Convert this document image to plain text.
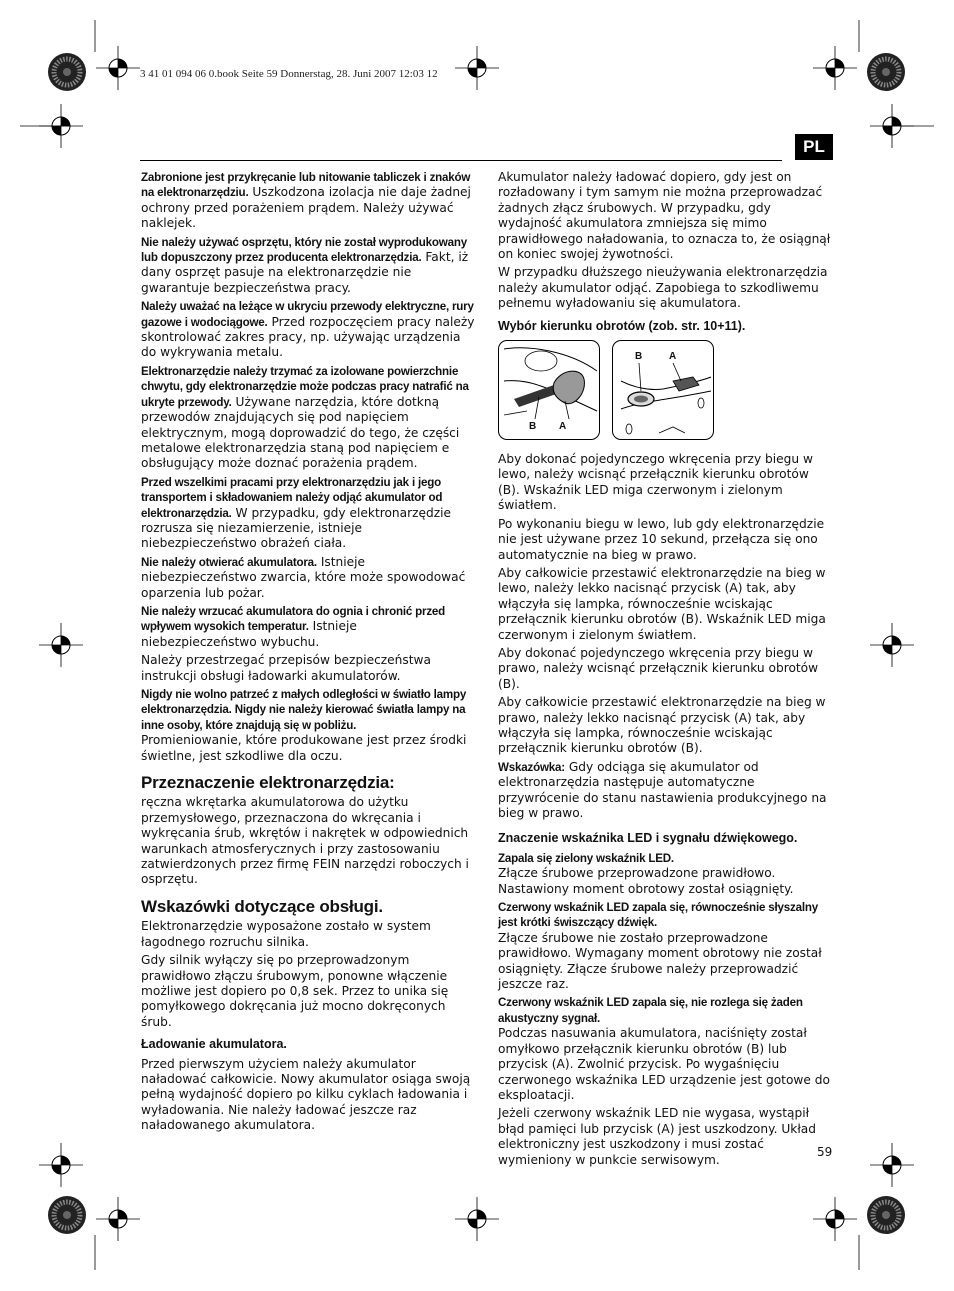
3 41 01 094 06 0.book Seite 59 Donnerstag, 28. Juni 2007 12:03 12
PL

Zabronione jest przykręcanie lub nitowanie tabliczek i znaków na elektronarzędziu. Uszkodzona izolacja nie daje żadnej ochrony przed porażeniem prądem. Należy używać naklejek.

Nie należy używać osprzętu, który nie został wyprodukowany lub dopuszczony przez producenta elektronarzędzia. Fakt, iż dany osprzęt pasuje na elektronarzędzie nie gwarantuje bezpieczeństwa pracy.

Należy uważać na leżące w ukryciu przewody elektryczne, rury gazowe i wodociągowe. Przed rozpoczęciem pracy należy skontrolować zakres pracy, np. używając urządzenia do wykrywania metalu.

Elektronarzędzie należy trzymać za izolowane powierzchnie chwytu, gdy elektronarzędzie może podczas pracy natrafić na ukryte przewody. Używane narzędzia, które dotkną przewodów znajdujących się pod napięciem elektrycznym, mogą doprowadzić do tego, że części metalowe elektronarzędzia staną pod napięciem e obsługujący może doznać porażenia prądem.

Przed wszelkimi pracami przy elektronarzędziu jak i jego transportem i składowaniem należy odjąć akumulator od elektronarzędzia. W przypadku, gdy elektronarzędzie rozrusza się niezamierzenie, istnieje niebezpieczeństwo obrażeń ciała.

Nie należy otwierać akumulatora. Istnieje niebezpieczeństwo zwarcia, które może spowodować oparzenia lub pożar.

Nie należy wrzucać akumulatora do ognia i chronić przed wpływem wysokich temperatur. Istnieje niebezpieczeństwo wybuchu.

Należy przestrzegać przepisów bezpieczeństwa instrukcji obsługi ładowarki akumulatorów.

Nigdy nie wolno patrzeć z małych odległości w światło lampy elektronarzędzia. Nigdy nie należy kierować światła lampy na inne osoby, które znajdują się w pobliżu.

Promieniowanie, które produkowane jest przez środki świetlne, jest szkodliwe dla oczu.

Przeznaczenie elektronarzędzia:

ręczna wkrętarka akumulatorowa do użytku przemysłowego, przeznaczona do wkręcania i wykręcania śrub, wkrętów i nakrętek w odpowiednich warunkach atmosferycznych i przy zastosowaniu zatwierdzonych przez firmę FEIN narzędzi roboczych i osprzętu.

Wskazówki dotyczące obsługi.

Elektronarzędzie wyposażone zostało w system łagodnego rozruchu silnika.

Gdy silnik wyłączy się po przeprowadzonym prawidłowo złączu śrubowym, ponowne włączenie możliwe jest dopiero po 0,8 sek. Przez to unika się pomyłkowego dokręcania już mocno dokręconych śrub.

Ładowanie akumulatora.

Przed pierwszym użyciem należy akumulator naładować całkowicie. Nowy akumulator osiąga swoją pełną wydajność dopiero po kilku cyklach ładowania i wyładowania. Nie należy ładować jeszcze raz naładowanego akumulatora.

Akumulator należy ładować dopiero, gdy jest on rozładowany i tym samym nie można przeprowadzać żadnych złącz śrubowych. W przypadku, gdy wydajność akumulatora zmniejsza się mimo prawidłowego naładowania, to oznacza to, że osiągnął on koniec swojej żywotności.

W przypadku dłuższego nieużywania elektronarzędzia należy akumulator odjąć. Zapobiega to szkodliwemu pełnemu wyładowaniu się akumulatora.

Wybór kierunku obrotów (zob. str. 10+11).
B A
B	A

Aby dokonać pojedynczego wkręcenia przy biegu w lewo, należy wcisnąć przełącznik kierunku obrotów (B). Wskaźnik LED miga czerwonym i zielonym światłem.

Po wykonaniu biegu w lewo, lub gdy elektronarzędzie nie jest używane przez 10 sekund, przełącza się ono automatycznie na bieg w prawo.

Aby całkowicie przestawić elektronarzędzie na bieg w lewo, należy lekko nacisnąć przycisk (A) tak, aby włączyła się lampka, równocześnie wciskając przełącznik kierunku obrotów (B). Wskaźnik LED miga czerwonym i zielonym światłem.

Aby dokonać pojedynczego wkręcenia przy biegu w prawo, należy wcisnąć przełącznik kierunku obrotów (B).

Aby całkowicie przestawić elektronarzędzie na bieg w prawo, należy lekko nacisnąć przycisk (A) tak, aby włączyła się lampka, równocześnie wciskając przełącznik kierunku obrotów (B).

Wskazówka: Gdy odciąga się akumulator od elektronarzędzia następuje automatyczne przywrócenie do stanu nastawienia produkcyjnego na bieg w prawo.

Znaczenie wskaźnika LED i sygnału dźwiękowego.

Zapala się zielony wskaźnik LED.

Złącze śrubowe przeprowadzone prawidłowo. Nastawiony moment obrotowy został osiągnięty.

Czerwony wskaźnik LED zapala się, równocześnie słyszalny jest krótki świszczący dźwięk.

Złącze śrubowe nie zostało przeprowadzone prawidłowo. Wymagany moment obrotowy nie został osiągnięty. Złącze śrubowe należy przeprowadzić jeszcze raz.

Czerwony wskaźnik LED zapala się, nie rozlega się żaden akustyczny sygnał.

Podczas nasuwania akumulatora, naciśnięty został omyłkowo przełącznik kierunku obrotów (B) lub przycisk (A). Zwolnić przycisk. Po wygaśnięciu czerwonego wskaźnika LED urządzenie jest gotowe do eksploatacji.

Jeżeli czerwony wskaźnik LED nie wygasa, wystąpił błąd pamięci lub przycisk (A) jest uszkodzony. Układ elektroniczny jest uszkodzony i musi zostać wymieniony w punkcie serwisowym.

59
